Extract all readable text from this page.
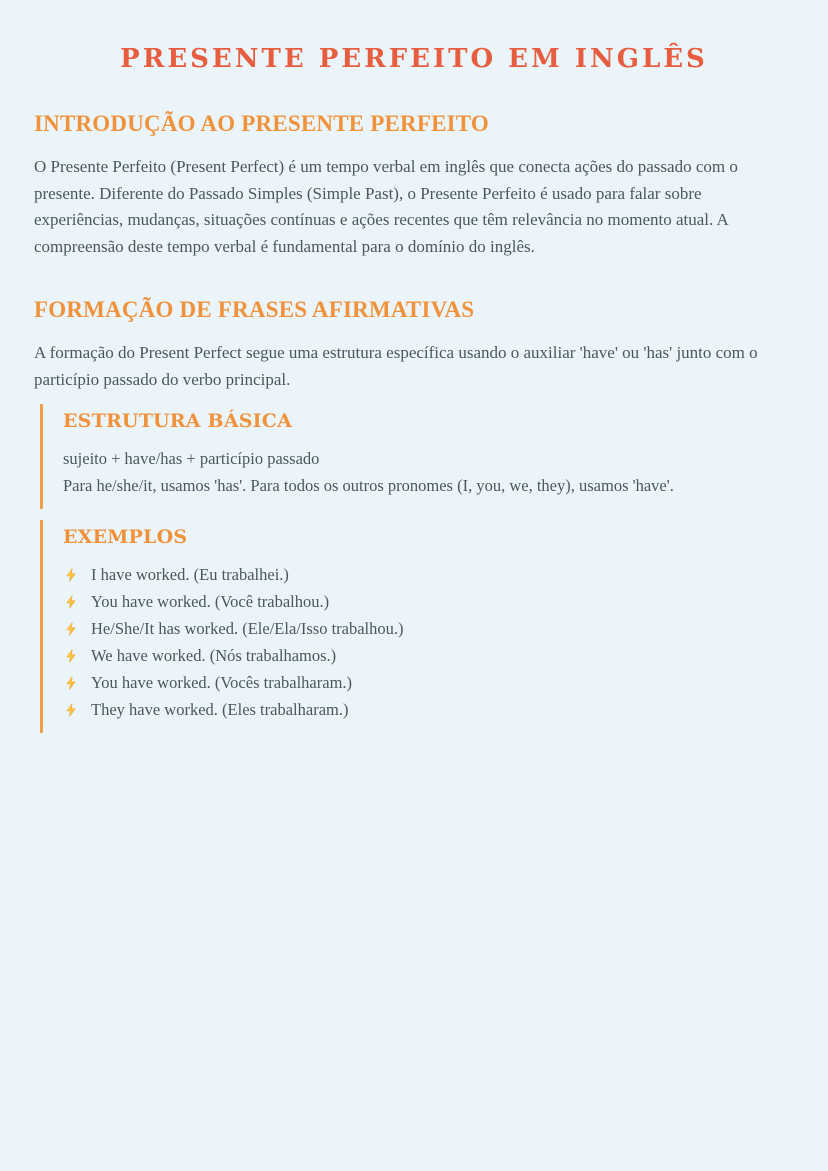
PRESENTE PERFEITO EM INGLÊS
INTRODUÇÃO AO PRESENTE PERFEITO

O Presente Perfeito (Present Perfect) é um tempo verbal em inglês que conecta ações do passado com o presente. Diferente do Passado Simples (Simple Past), o Presente Perfeito é usado para falar sobre experiências, mudanças, situações contínuas e ações recentes que têm relevância no momento atual. A compreensão deste tempo verbal é fundamental para o domínio do inglês.

FORMAÇÃO DE FRASES AFIRMATIVAS

A formação do Present Perfect segue uma estrutura específica usando o auxiliar 'have' ou 'has' junto com o particípio passado do verbo principal.

ESTRUTURA BÁSICA
sujeito + have/has + particípio passado
Para he/she/it, usamos 'has'. Para todos os outros pronomes (I, you, we, they), usamos 'have'.
EXEMPLOS
I have worked. (Eu trabalhei.)
You have worked. (Você trabalhou.)
He/She/It has worked. (Ele/Ela/Isso trabalhou.)
We have worked. (Nós trabalhamos.)
You have worked. (Vocês trabalharam.)
They have worked. (Eles trabalharam.)
